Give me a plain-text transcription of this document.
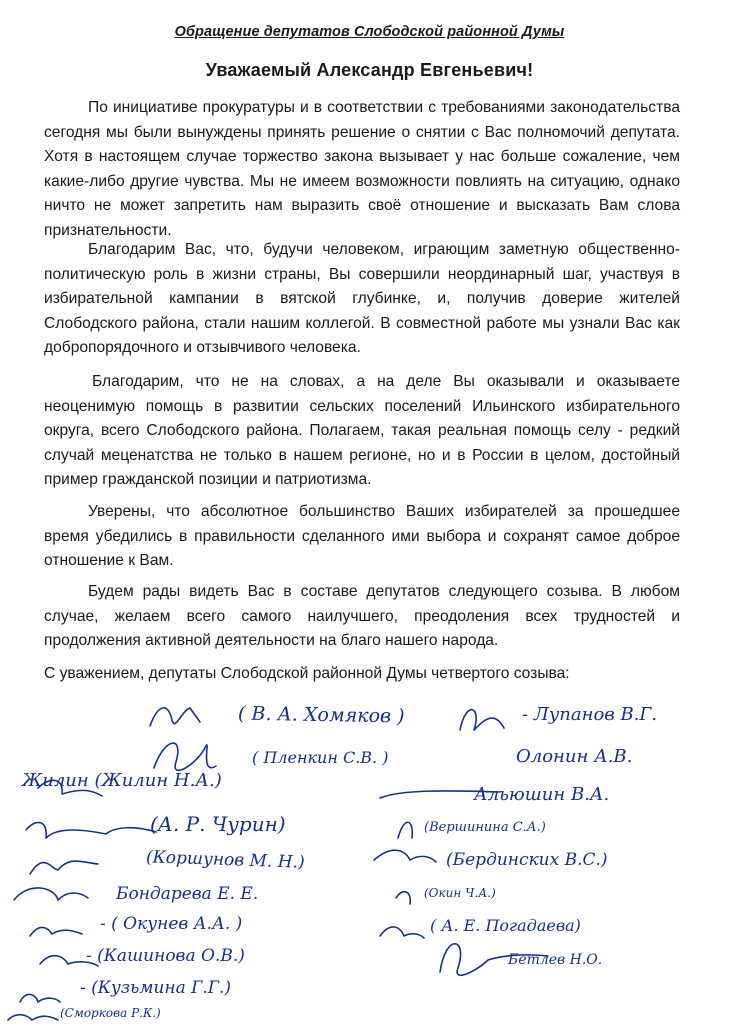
Обращение депутатов Слободской районной Думы
Уважаемый Александр Евгеньевич!

По инициативе прокуратуры и в соответствии с требованиями законодательства сегодня мы были вынуждены принять решение о снятии с Вас полномочий депутата. Хотя в настоящем случае торжество закона вызывает у нас больше сожаление, чем какие-либо другие чувства. Мы не имеем возможности повлиять на ситуацию, однако ничто не может запретить нам выразить своё отношение и высказать Вам слова признательности.

Благодарим Вас, что, будучи человеком, играющим заметную общественно-политическую роль в жизни страны, Вы совершили неординарный шаг, участвуя в избирательной кампании в вятской глубинке, и, получив доверие жителей Слободского района, стали нашим коллегой. В совместной работе мы узнали Вас как добропорядочного и отзывчивого человека.

Благодарим, что не на словах, а на деле Вы оказывали и оказываете неоценимую помощь в развитии сельских поселений Ильинского избирательного округа, всего Слободского района. Полагаем, такая реальная помощь селу - редкий случай меценатства не только в нашем регионе, но и в России в целом, достойный пример гражданской позиции и патриотизма.

Уверены, что абсолютное большинство Ваших избирателей за прошедшее время убедились в правильности сделанного ими выбора и сохранят самое доброе отношение к Вам.

Будем рады видеть Вас в составе депутатов следующего созыва. В любом случае, желаем всего самого наилучшего, преодоления всех трудностей и продолжения активной деятельности на благо нашего народа.

С уважением, депутаты Слободской районной Думы четвертого созыва:

( В. А. Хомяков )
( Пленкин С.В. )
Жилин (Жилин Н.А.)
(А. Р. Чурин)
(Коршунов М. Н.)
Бондарева Е. Е.
- ( Окунев А.А. )
- (Кашинова О.В.)
- (Кузьмина Г.Г.)
(Сморкова Р.К.)
- Лупанов В.Г.
Олонин А.В.
Альюшин В.А.
(Вершинина С.А.)
(Бердинских В.С.)
(Окин Ч.А.)
( А. Е. Погадаева)
Бетлев Н.О.
